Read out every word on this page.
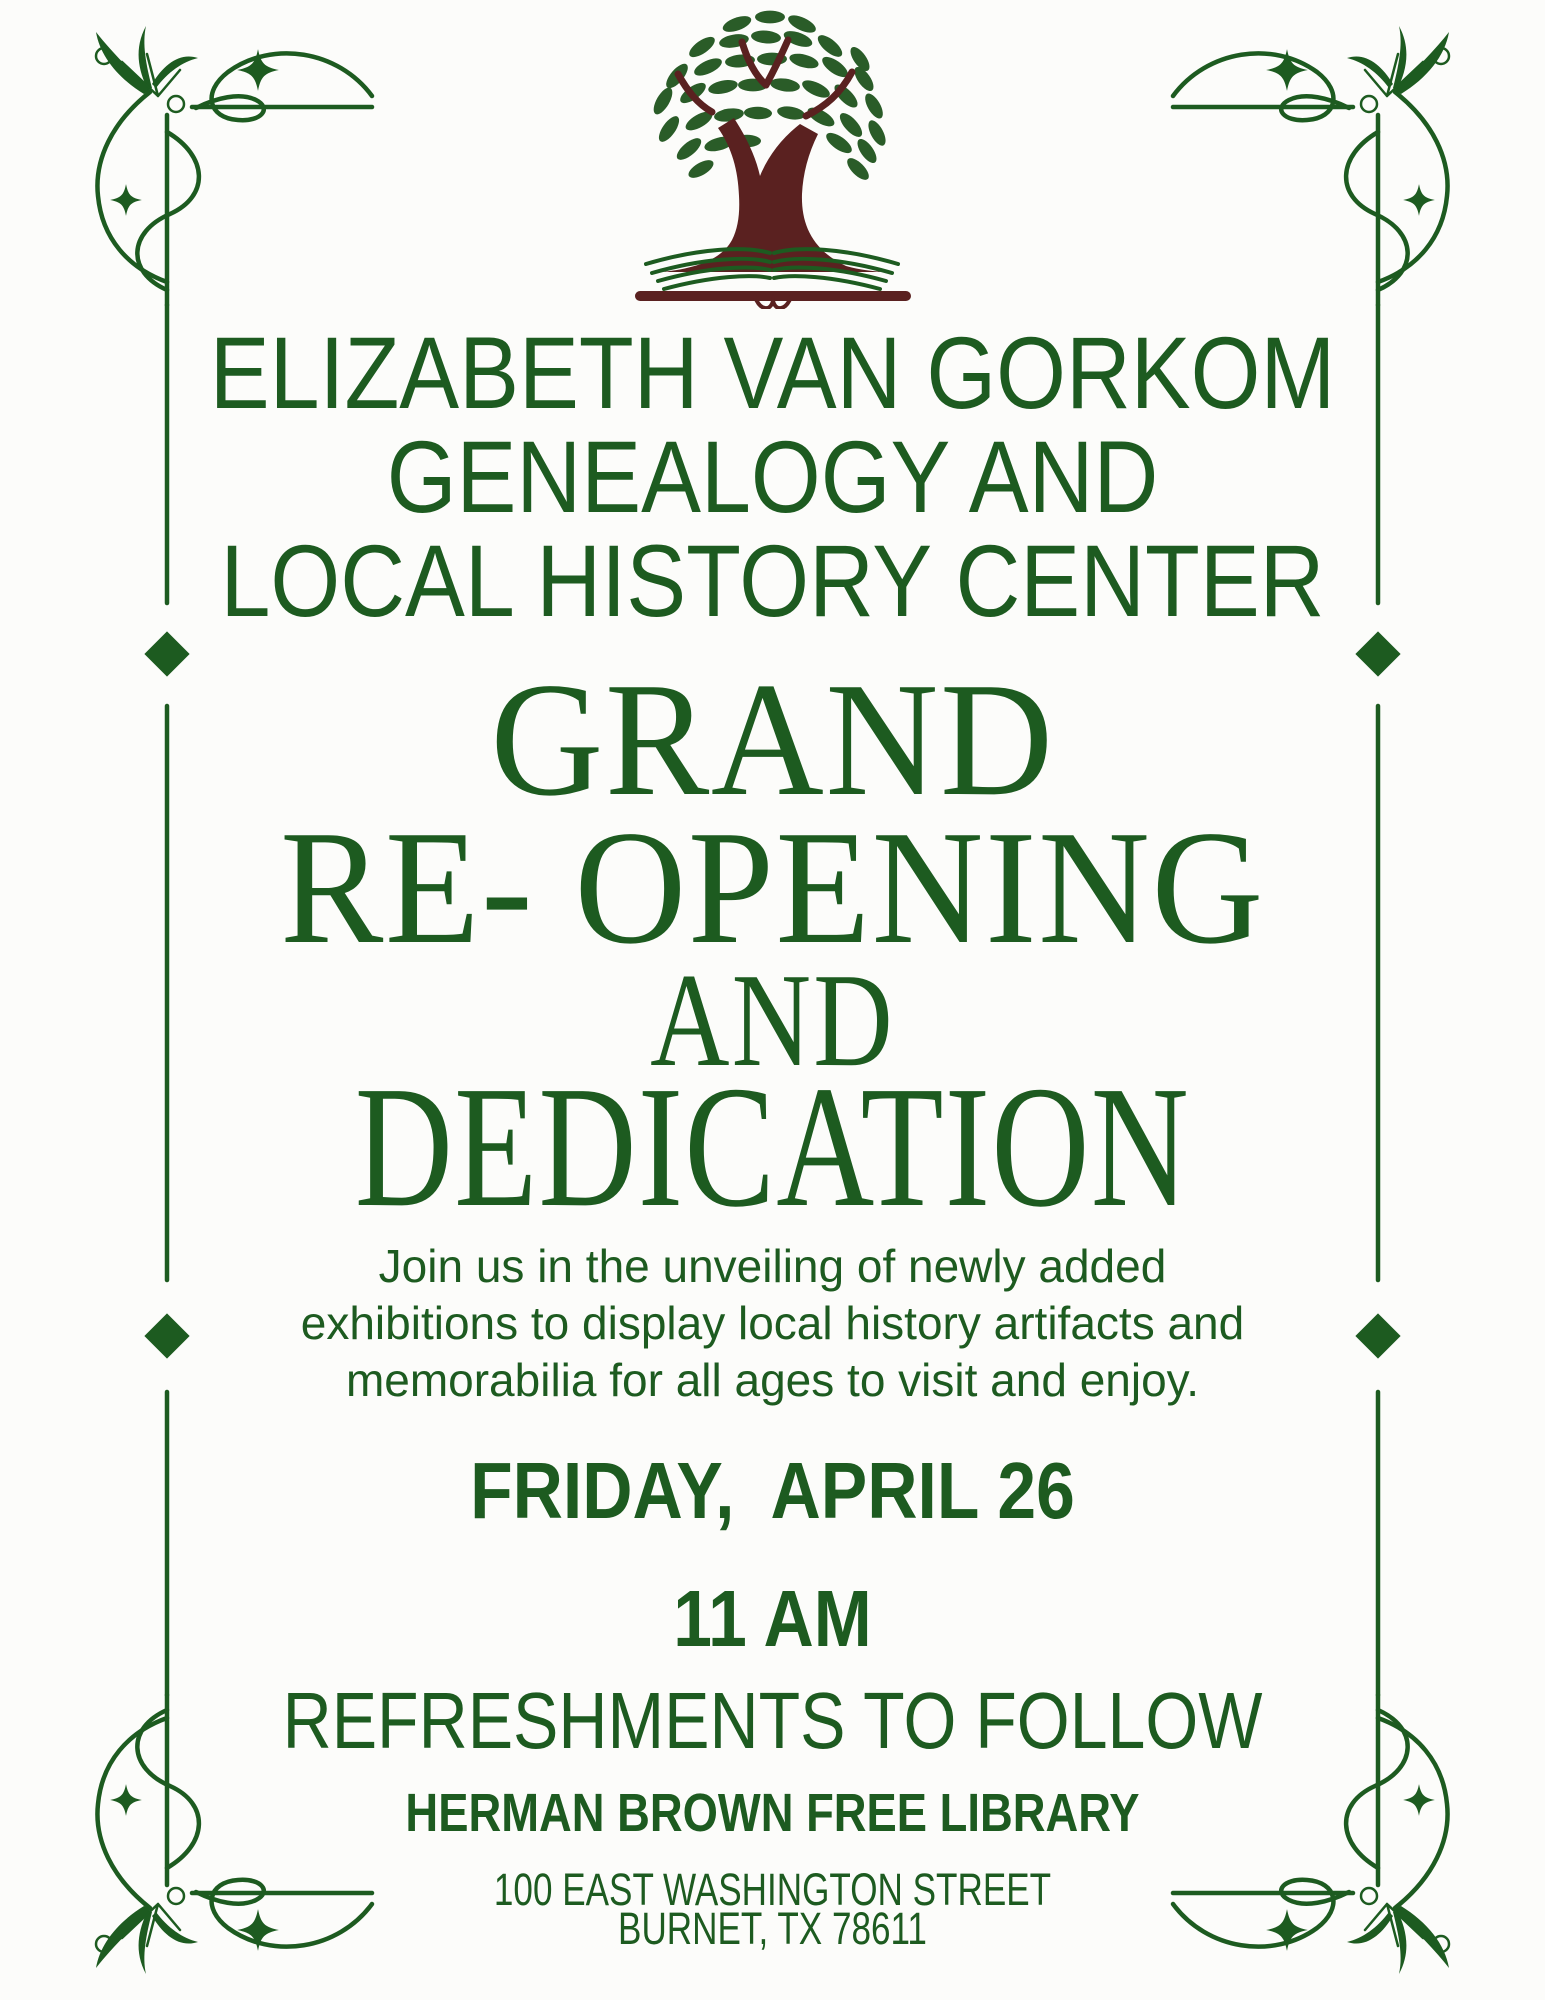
ELIZABETH VAN GORKOM
GENEALOGY AND
LOCAL HISTORY CENTER
GRAND
RE- OPENING
AND
DEDICATION
Join us in the unveiling of newly added
exhibitions to display local history artifacts and
memorabilia for all ages to visit and enjoy.
FRIDAY,  APRIL 26
11 AM
REFRESHMENTS TO FOLLOW
HERMAN BROWN FREE LIBRARY
100 EAST WASHINGTON STREET
BURNET, TX 78611
